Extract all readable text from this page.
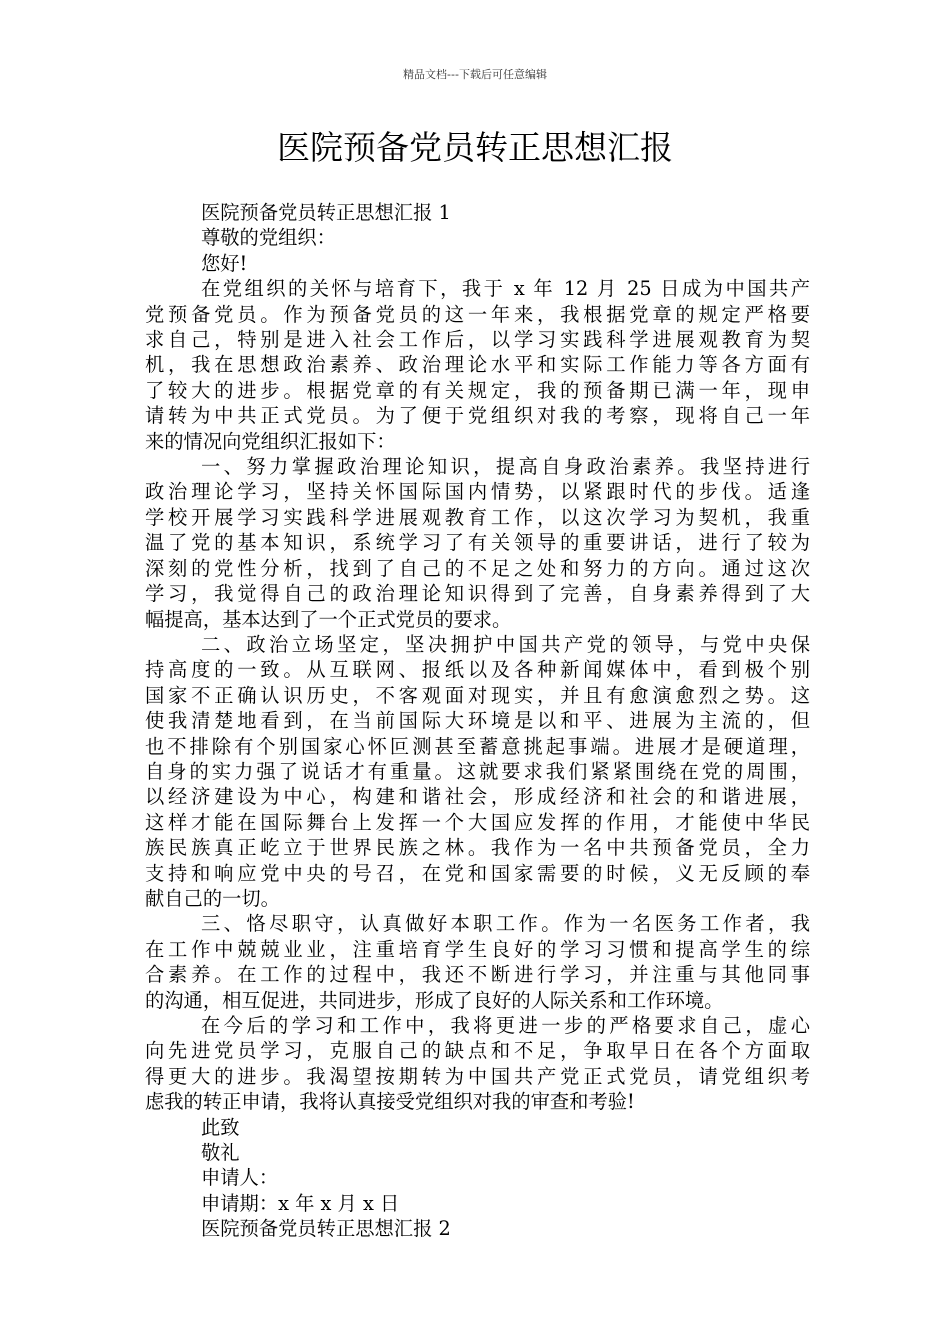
精品文档---下载后可任意编辑
医院预备党员转正思想汇报
医院预备党员转正思想汇报 1
尊敬的党组织：
您好!
在党组织的关怀与培育下，我于 x 年 12 月 25 日成为中国共产
党预备党员。作为预备党员的这一年来，我根据党章的规定严格要
求自己，特别是进入社会工作后，以学习实践科学进展观教育为契
机，我在思想政治素养、政治理论水平和实际工作能力等各方面有
了较大的进步。根据党章的有关规定，我的预备期已满一年，现申
请转为中共正式党员。为了便于党组织对我的考察，现将自己一年
来的情况向党组织汇报如下：
一、努力掌握政治理论知识，提高自身政治素养。我坚持进行
政治理论学习，坚持关怀国际国内情势，以紧跟时代的步伐。适逢
学校开展学习实践科学进展观教育工作，以这次学习为契机，我重
温了党的基本知识，系统学习了有关领导的重要讲话，进行了较为
深刻的党性分析，找到了自己的不足之处和努力的方向。通过这次
学习，我觉得自己的政治理论知识得到了完善，自身素养得到了大
幅提高，基本达到了一个正式党员的要求。
二、政治立场坚定，坚决拥护中国共产党的领导，与党中央保
持高度的一致。从互联网、报纸以及各种新闻媒体中，看到极个别
国家不正确认识历史，不客观面对现实，并且有愈演愈烈之势。这
使我清楚地看到，在当前国际大环境是以和平、进展为主流的，但
也不排除有个别国家心怀叵测甚至蓄意挑起事端。进展才是硬道理，
自身的实力强了说话才有重量。这就要求我们紧紧围绕在党的周围，
以经济建设为中心，构建和谐社会，形成经济和社会的和谐进展，
这样才能在国际舞台上发挥一个大国应发挥的作用，才能使中华民
族民族真正屹立于世界民族之林。我作为一名中共预备党员，全力
支持和响应党中央的号召，在党和国家需要的时候，义无反顾的奉
献自己的一切。
三、恪尽职守，认真做好本职工作。作为一名医务工作者，我
在工作中兢兢业业，注重培育学生良好的学习习惯和提高学生的综
合素养。在工作的过程中，我还不断进行学习，并注重与其他同事
的沟通，相互促进，共同进步，形成了良好的人际关系和工作环境。
在今后的学习和工作中，我将更进一步的严格要求自己，虚心
向先进党员学习，克服自己的缺点和不足，争取早日在各个方面取
得更大的进步。我渴望按期转为中国共产党正式党员，请党组织考
虑我的转正申请，我将认真接受党组织对我的审查和考验!
此致
敬礼
申请人：
申请期：x 年 x 月 x 日
医院预备党员转正思想汇报 2
